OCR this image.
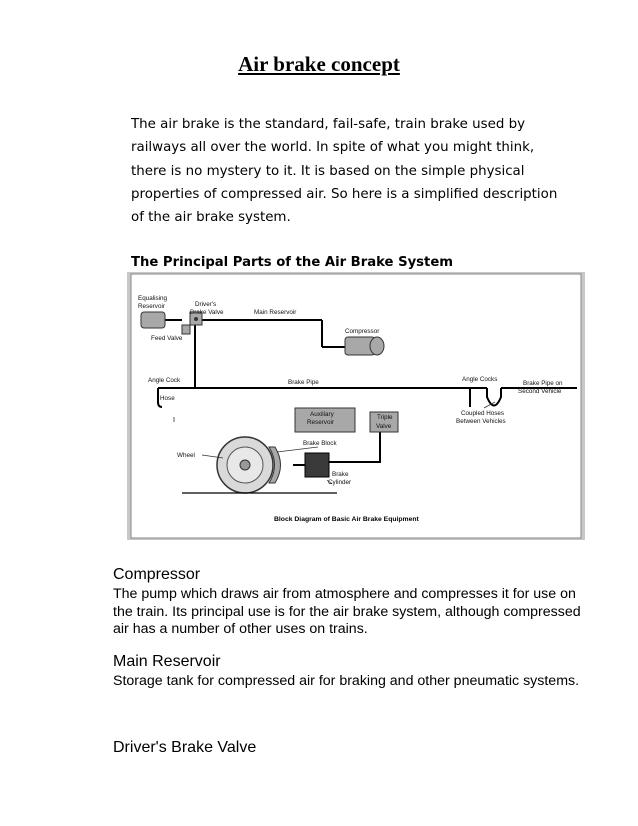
Air brake concept
The air brake is the standard, fail-safe, train brake used by railways all over the world. In spite of what you might think, there is no mystery to it. It is based on the simple physical properties of compressed air. So here is a simplified description of the air brake system.
The Principal Parts of the Air Brake System
Equalising
Reservoir	Driver's
Brake Valve	Main Reservoir
Compressor
Feed Valve
Angle Cock	Brake Pipe	Angle Cocks
Brake Pipe on
Second Vehicle
Hose
Auxiliary
Reservoir
Triple
Valve
Coupled Hoses
Between Vehicles
Brake Block
Wheel
Brake
Cylinder
Block Diagram of Basic Air Brake Equipment
Compressor
The pump which draws air from atmosphere and compresses it for use on the train. Its principal use is for the air brake system, although compressed air has a number of other uses on trains.
Main Reservoir
Storage tank for compressed air for braking and other pneumatic systems.
Driver's Brake Valve
